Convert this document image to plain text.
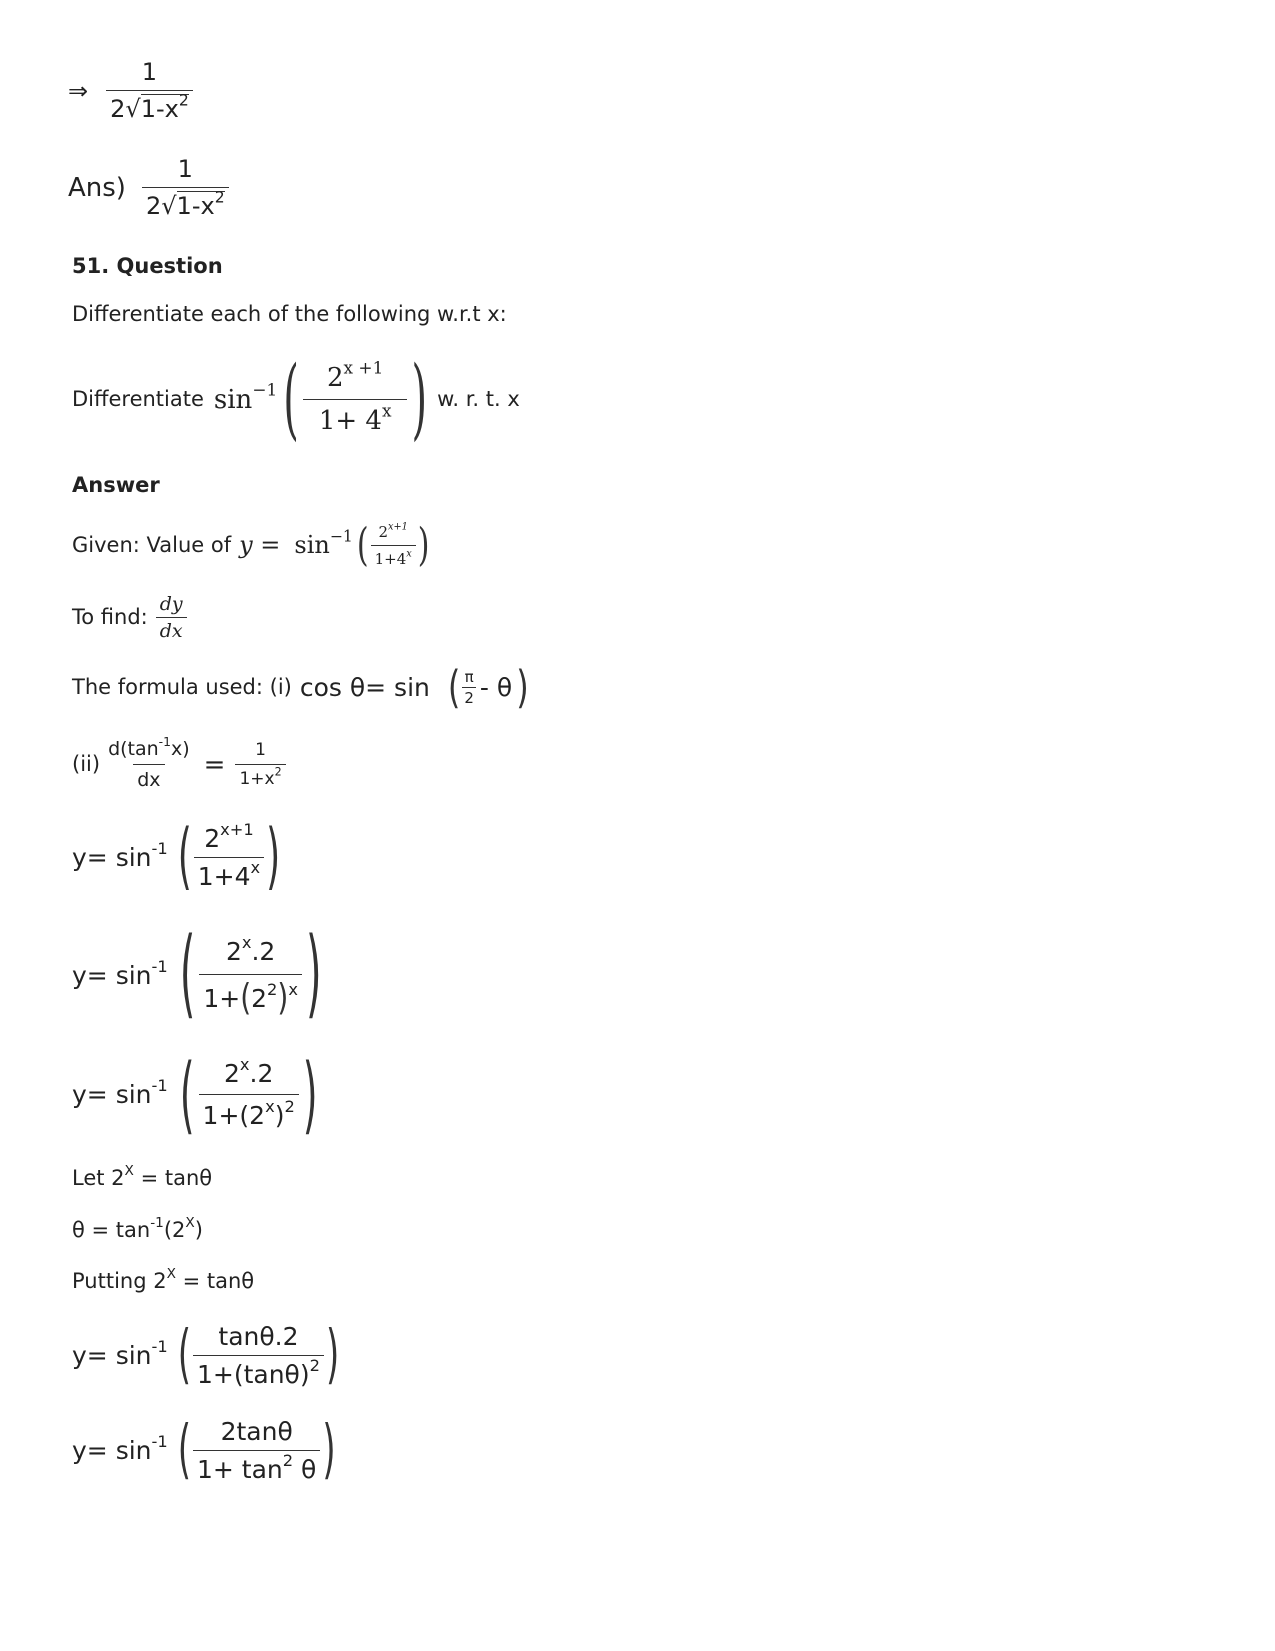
⇒ $\frac{1}{2√1-x^2}$
$Ans) \frac{1}{2√1-x^2}$
51. Question
Differentiate each of the following w.r.t x:
Differentiate $\sin^{-1}$ ( $\frac{2^{x +1}}{1+ 4^x}$ ) w. r. t. x
Answer
Given: Value of $y = \sin^{-1}$ ( $\frac{2^{x+1}}{1+4^x}$ )
To find: $\frac{dy}{dx}$
The formula used: (i) cos θ= sin ( $\frac{\pi}{2}$ - θ )
$(ii) \frac{d(\tan^{-1}x)}{dx} = \frac{1}{1+x^2}$
$y= \sin^{-1}$ ( $\frac{2^{x+1}}{1+4^x}$ )
$y= \sin^{-1}$ ( $\frac{2^x.2}{1+(2^2)^x}$ )
$y= \sin^{-1}$ ( $\frac{2^x.2}{1+(2^x)^2}$ )
Let $2^X = \tan\theta$
$\theta = \tan^{-1}(2^X)$
Putting $2^X = \tan\theta$
$y= \sin^{-1}$ ( $\frac{\tan\theta.2}{1+(\tan\theta)^2}$ )
$y= \sin^{-1}$ ( $\frac{2\tan\theta}{1+ \tan^2 \theta}$ )
